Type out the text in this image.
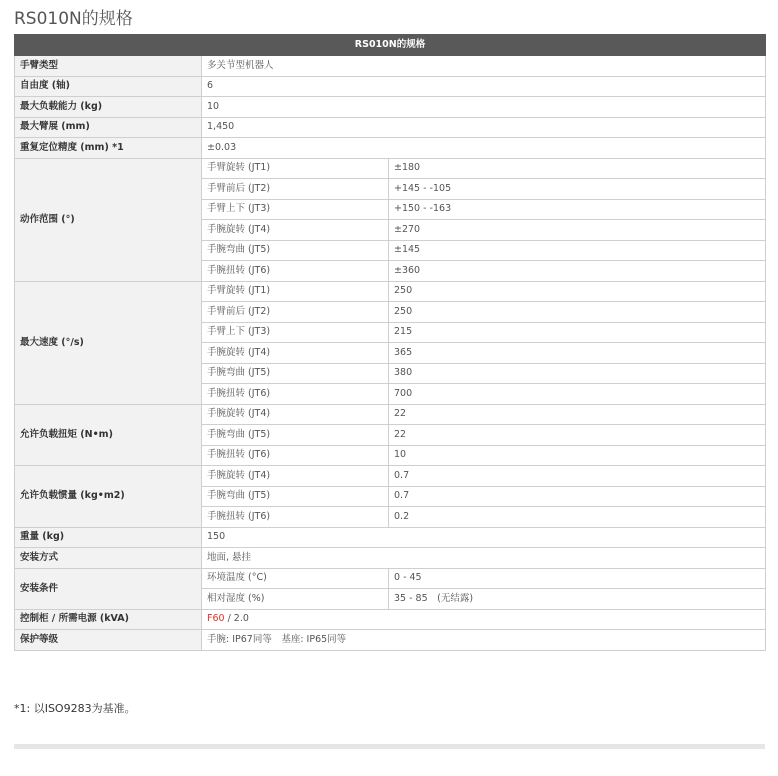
RS010N的规格
RS010N的规格		
手臂类型	多关节型机器人	
自由度 (轴)	6	
最大负载能力 (kg)	10	
最大臂展 (mm)	1,450	
重复定位精度 (mm) *1	±0.03	
动作范围 (°)	手臂旋转 (JT1)	±180
	手臂前后 (JT2)	+145 - -105
	手臂上下 (JT3)	+150 - -163
	手腕旋转 (JT4)	±270
	手腕弯曲 (JT5)	±145
	手腕扭转 (JT6)	±360
最大速度 (°/s)	手臂旋转 (JT1)	250
	手臂前后 (JT2)	250
	手臂上下 (JT3)	215
	手腕旋转 (JT4)	365
	手腕弯曲 (JT5)	380
	手腕扭转 (JT6)	700
允许负载扭矩 (N•m)	手腕旋转 (JT4)	22
	手腕弯曲 (JT5)	22
	手腕扭转 (JT6)	10
允许负载惯量 (kg•m2)	手腕旋转 (JT4)	0.7
	手腕弯曲 (JT5)	0.7
	手腕扭转 (JT6)	0.2
重量 (kg)	150	
安装方式	地面, 悬挂	
安装条件	环境温度 (°C)	0 - 45
	相对湿度 (%)	35 - 85　(无结露)
控制柜 / 所需电源 (kVA)	F60 / 2.0	
保护等级	手腕: IP67同等　基座: IP65同等	
*1: 以ISO9283为基准。
